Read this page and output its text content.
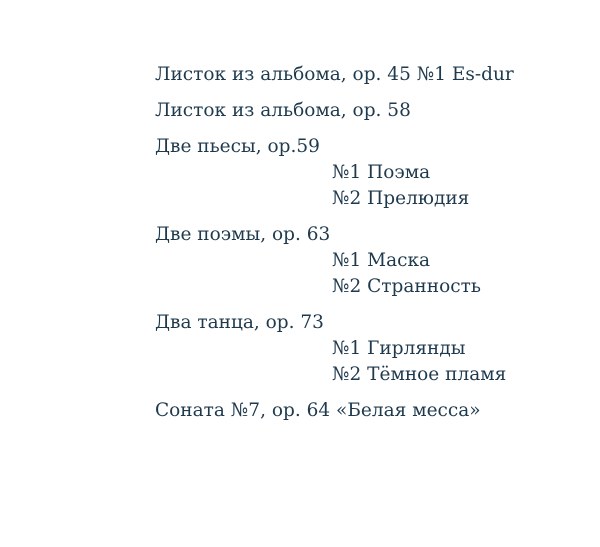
Листок из альбома, ор. 45 №1 Es-dur
Листок из альбома, ор. 58
Две пьесы, ор.59
№1 Поэма
№2 Прелюдия
Две поэмы, ор. 63
№1 Маска
№2 Странность
Два танца, ор. 73
№1 Гирлянды
№2 Тёмное пламя
Соната №7, ор. 64 «Белая месса»
